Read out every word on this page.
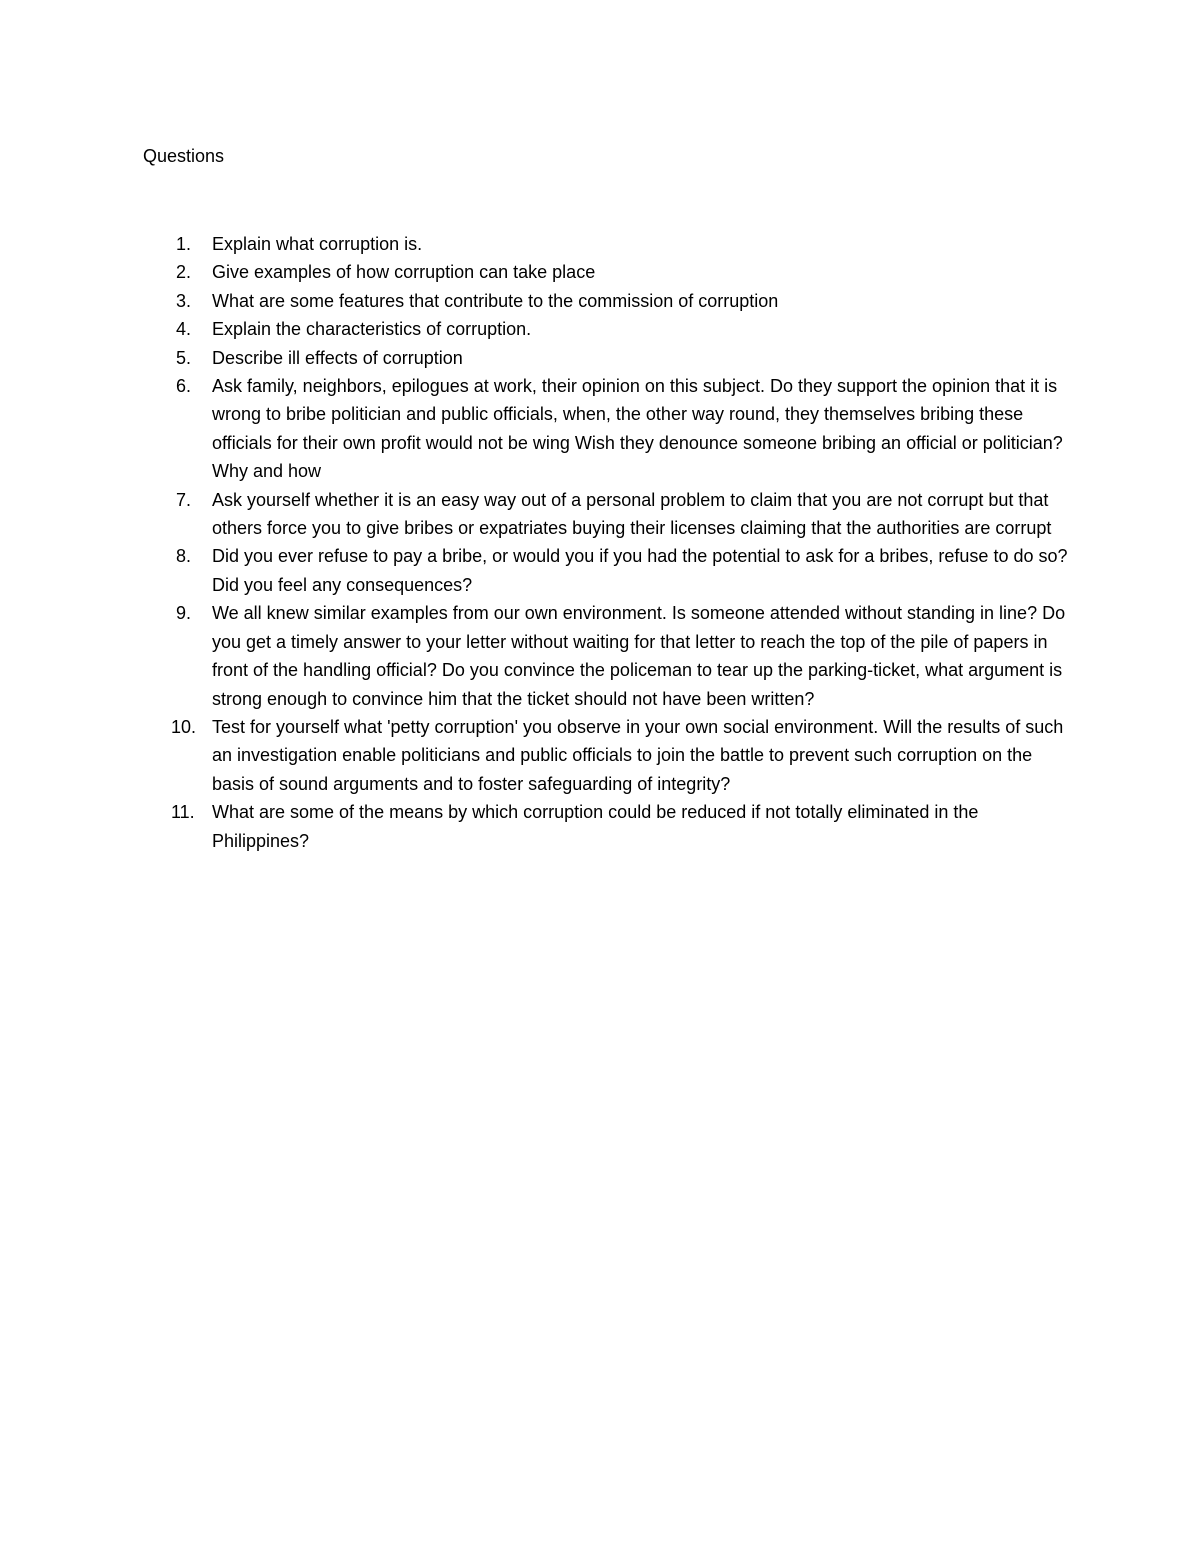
Questions
1.	Explain what corruption is.
2.	Give examples of how corruption can take place
3.	What are some features that contribute to the commission of corruption
4.	Explain the characteristics of corruption.
5.	Describe ill effects of corruption
6.	Ask family, neighbors, epilogues at work, their opinion on this subject. Do they support the opinion that it is wrong to bribe politician and public officials, when, the other way round, they themselves bribing these officials for their own profit would not be wing Wish they denounce someone bribing an official or politician? Why and how
7.	Ask yourself whether it is an easy way out of a personal problem to claim that you are not corrupt but that others force you to give bribes or expatriates buying their licenses claiming that the authorities are corrupt
8.	Did you ever refuse to pay a bribe, or would you if you had the potential to ask for a bribes, refuse to do so? Did you feel any consequences?
9.	We all knew similar examples from our own environment. Is someone attended without standing in line? Do you get a timely answer to your letter without waiting for that letter to reach the top of the pile of papers in front of the handling official? Do you convince the policeman to tear up the parking-ticket, what argument is strong enough to convince him that the ticket should not have been written?
10. Test for yourself what 'petty corruption' you observe in your own social environment. Will the results of such an investigation enable politicians and public officials to join the battle to prevent such corruption on the basis of sound arguments and to foster safeguarding of integrity?
11. What are some of the means by which corruption could be reduced if not totally eliminated in the Philippines?
